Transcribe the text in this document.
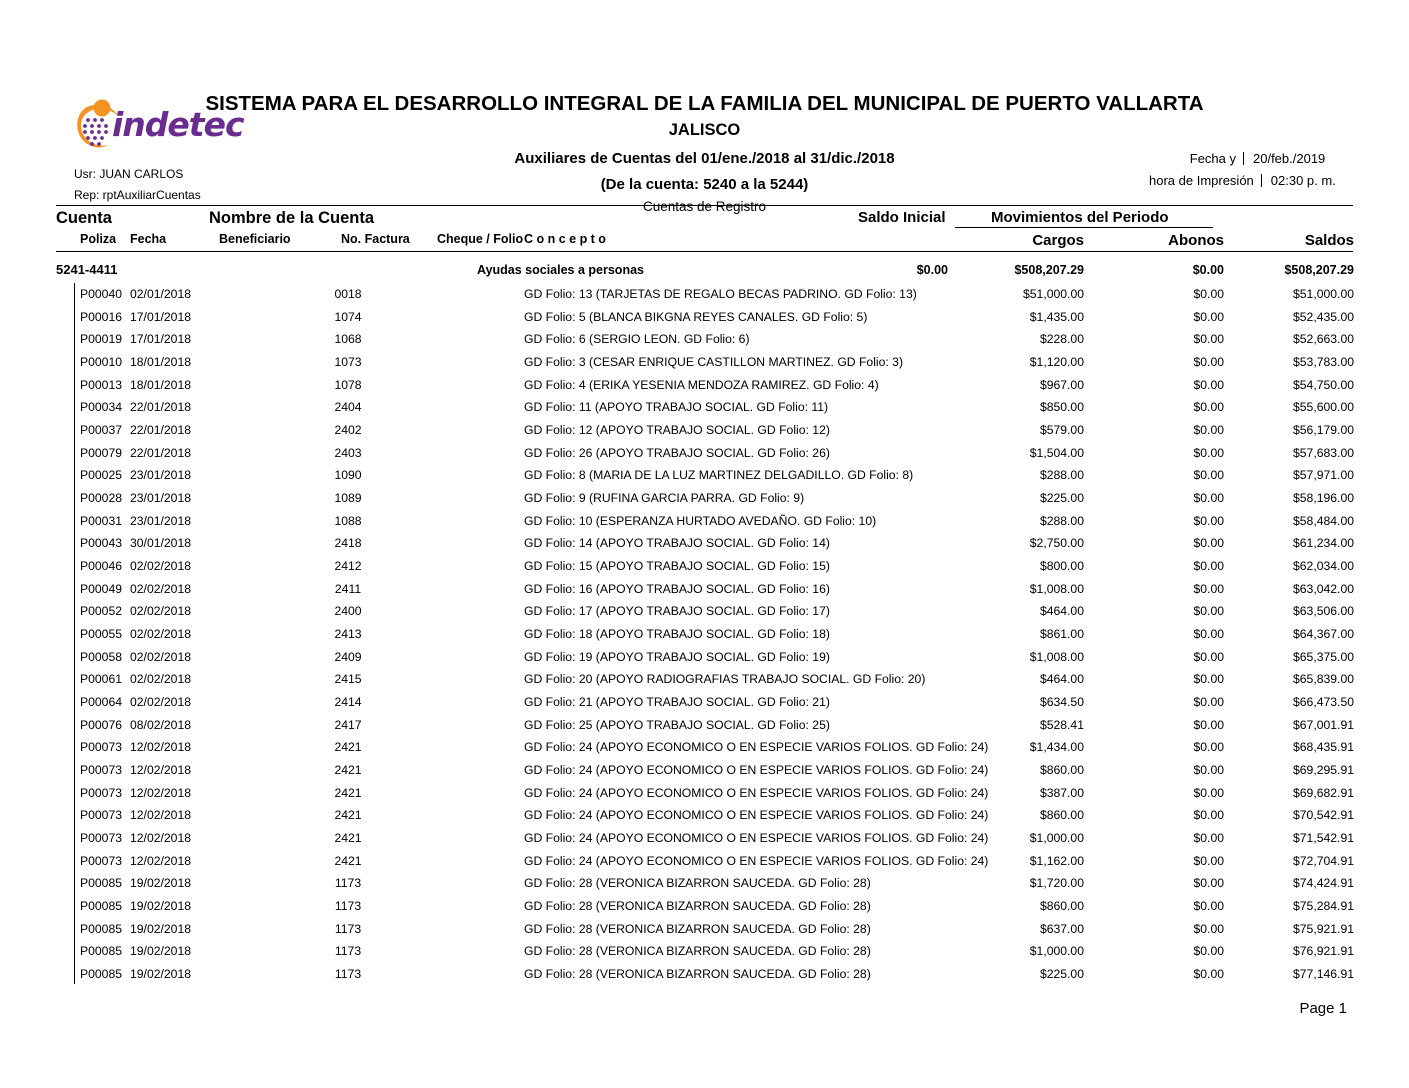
SISTEMA PARA EL DESARROLLO INTEGRAL DE LA FAMILIA DEL MUNICIPAL DE PUERTO VALLARTA
JALISCO
Auxiliares de Cuentas del 01/ene./2018 al 31/dic./2018
(De la cuenta: 5240 a la 5244)
Cuentas de Registro
indetec
Usr: JUAN CARLOS
Rep: rptAuxiliarCuentas
Fecha y	20/feb./2019
hora de Impresión	02:30 p. m.
Cuenta	Nombre de la Cuenta	Saldo Inicial	Movimientos del Periodo
Poliza Fecha	Beneficiario	No. Factura Cheque / Folio C o n c e p t o	Cargos	Abonos	Saldos
5241-4411	Ayudas sociales a personas	$0.00	$508,207.29	$0.00	$508,207.29
P00040 02/01/2018	0018	GD Folio: 13 (TARJETAS DE REGALO BECAS PADRINO. GD Folio: 13)	$51,000.00	$0.00	$51,000.00
P00016 17/01/2018	1074	GD Folio: 5 (BLANCA BIKGNA REYES CANALES. GD Folio: 5)	$1,435.00	$0.00	$52,435.00
P00019 17/01/2018	1068	GD Folio: 6 (SERGIO LEON. GD Folio: 6)	$228.00	$0.00	$52,663.00
P00010 18/01/2018	1073	GD Folio: 3 (CESAR ENRIQUE CASTILLON MARTINEZ. GD Folio: 3)	$1,120.00	$0.00	$53,783.00
P00013 18/01/2018	1078	GD Folio: 4 (ERIKA YESENIA MENDOZA RAMIREZ. GD Folio: 4)	$967.00	$0.00	$54,750.00
P00034 22/01/2018	2404	GD Folio: 11 (APOYO TRABAJO SOCIAL. GD Folio: 11)	$850.00	$0.00	$55,600.00
P00037 22/01/2018	2402	GD Folio: 12 (APOYO TRABAJO SOCIAL. GD Folio: 12)	$579.00	$0.00	$56,179.00
P00079 22/01/2018	2403	GD Folio: 26 (APOYO TRABAJO SOCIAL. GD Folio: 26)	$1,504.00	$0.00	$57,683.00
P00025 23/01/2018	1090	GD Folio: 8 (MARIA DE LA LUZ MARTINEZ DELGADILLO. GD Folio: 8)	$288.00	$0.00	$57,971.00
P00028 23/01/2018	1089	GD Folio: 9 (RUFINA GARCIA PARRA. GD Folio: 9)	$225.00	$0.00	$58,196.00
P00031 23/01/2018	1088	GD Folio: 10 (ESPERANZA HURTADO AVEDAÑO. GD Folio: 10)	$288.00	$0.00	$58,484.00
P00043 30/01/2018	2418	GD Folio: 14 (APOYO TRABAJO SOCIAL. GD Folio: 14)	$2,750.00	$0.00	$61,234.00
P00046 02/02/2018	2412	GD Folio: 15 (APOYO TRABAJO SOCIAL. GD Folio: 15)	$800.00	$0.00	$62,034.00
P00049 02/02/2018	2411	GD Folio: 16 (APOYO TRABAJO SOCIAL. GD Folio: 16)	$1,008.00	$0.00	$63,042.00
P00052 02/02/2018	2400	GD Folio: 17 (APOYO TRABAJO SOCIAL. GD Folio: 17)	$464.00	$0.00	$63,506.00
P00055 02/02/2018	2413	GD Folio: 18 (APOYO TRABAJO SOCIAL. GD Folio: 18)	$861.00	$0.00	$64,367.00
P00058 02/02/2018	2409	GD Folio: 19 (APOYO TRABAJO SOCIAL. GD Folio: 19)	$1,008.00	$0.00	$65,375.00
P00061 02/02/2018	2415	GD Folio: 20 (APOYO RADIOGRAFIAS TRABAJO SOCIAL. GD Folio: 20)	$464.00	$0.00	$65,839.00
P00064 02/02/2018	2414	GD Folio: 21 (APOYO TRABAJO SOCIAL. GD Folio: 21)	$634.50	$0.00	$66,473.50
P00076 08/02/2018	2417	GD Folio: 25 (APOYO TRABAJO SOCIAL. GD Folio: 25)	$528.41	$0.00	$67,001.91
P00073 12/02/2018	2421	GD Folio: 24 (APOYO ECONOMICO O EN ESPECIE VARIOS FOLIOS. GD Folio: 24)	$1,434.00	$0.00	$68,435.91
P00073 12/02/2018	2421	GD Folio: 24 (APOYO ECONOMICO O EN ESPECIE VARIOS FOLIOS. GD Folio: 24)	$860.00	$0.00	$69,295.91
P00073 12/02/2018	2421	GD Folio: 24 (APOYO ECONOMICO O EN ESPECIE VARIOS FOLIOS. GD Folio: 24)	$387.00	$0.00	$69,682.91
P00073 12/02/2018	2421	GD Folio: 24 (APOYO ECONOMICO O EN ESPECIE VARIOS FOLIOS. GD Folio: 24)	$860.00	$0.00	$70,542.91
P00073 12/02/2018	2421	GD Folio: 24 (APOYO ECONOMICO O EN ESPECIE VARIOS FOLIOS. GD Folio: 24)	$1,000.00	$0.00	$71,542.91
P00073 12/02/2018	2421	GD Folio: 24 (APOYO ECONOMICO O EN ESPECIE VARIOS FOLIOS. GD Folio: 24)	$1,162.00	$0.00	$72,704.91
P00085 19/02/2018	1173	GD Folio: 28 (VERONICA BIZARRON SAUCEDA. GD Folio: 28)	$1,720.00	$0.00	$74,424.91
P00085 19/02/2018	1173	GD Folio: 28 (VERONICA BIZARRON SAUCEDA. GD Folio: 28)	$860.00	$0.00	$75,284.91
P00085 19/02/2018	1173	GD Folio: 28 (VERONICA BIZARRON SAUCEDA. GD Folio: 28)	$637.00	$0.00	$75,921.91
P00085 19/02/2018	1173	GD Folio: 28 (VERONICA BIZARRON SAUCEDA. GD Folio: 28)	$1,000.00	$0.00	$76,921.91
P00085 19/02/2018	1173	GD Folio: 28 (VERONICA BIZARRON SAUCEDA. GD Folio: 28)	$225.00	$0.00	$77,146.91
Page 1
